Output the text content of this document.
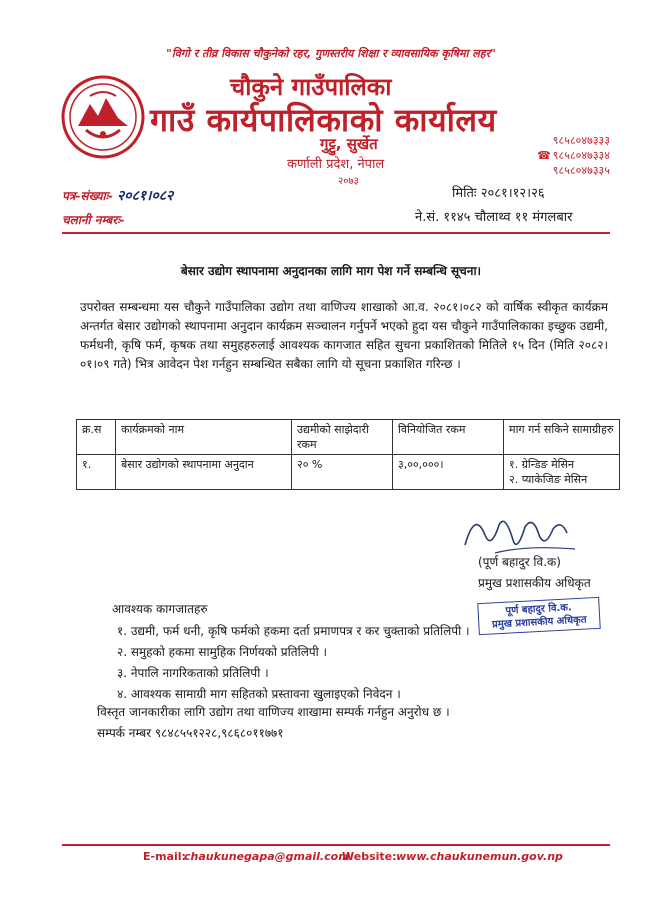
"विगो र तीव्र विकास चौकुनेको रहर, गुणस्तरीय शिक्षा र व्यावसायिक कृषिमा लहर"
चौकुने गाउँपालिका
गाउँ कार्यपालिकाको कार्यालय
गुट्टु, सुर्खेत
कर्णाली प्रदेश, नेपाल
२०७३
९८५८०४७३३३
☎ ९८५८०४७३३४
९८५८०४७३३५
पत्र-संख्याः- २०८१।०८२	मितिः २०८१।१२।२६
चलानी नम्बरः-	ने.सं. ११४५ चौलाथ्व ११ मंगलबार
बेसार उद्योग स्थापनामा अनुदानका लागि माग पेश गर्ने सम्बन्धि सूचना।
उपरोक्त सम्बन्धमा यस चौकुने गाउँपालिका उद्योग तथा वाणिज्य शाखाको आ.व. २०८१।०८२ को वार्षिक स्वीकृत कार्यक्रम अन्तर्गत बेसार उद्योगको स्थापनामा अनुदान कार्यक्रम सञ्चालन गर्नुपर्ने भएको हुदा यस चौकुने गाउँपालिकाका इच्छुक उद्यमी, फर्मधनी, कृषि फर्म, कृषक तथा समुहहरुलाई आवश्यक कागजात सहित सुचना प्रकाशितको मितिले १५ दिन (मिति २०८२।०१।०९ गते) भित्र आवेदन पेश गर्नहुन सम्बन्धित सबैका लागि यो सूचना प्रकाशित गरिन्छ ।
क्र.स	कार्यक्रमको नाम	उद्यमीको साझेदारी रकम	विनियोजित रकम	माग गर्न सकिने सामाग्रीहरु
१.	बेसार उद्योगको स्थापनामा अनुदान	२० %	३,००,०००।	१. ग्रेन्डिङ मेसिन
२. प्याकेजिङ मेसिन
(पूर्ण बहादुर वि.क)
प्रमुख प्रशासकीय अधिकृत
आवश्यक कागजातहरु
१. उद्यमी, फर्म धनी, कृषि फर्मको हकमा दर्ता प्रमाणपत्र र कर चुक्ताको प्रतिलिपी ।
२. समुहको हकमा सामुहिक निर्णयको प्रतिलिपी ।
३. नेपालि नागरिकताको प्रतिलिपी ।
४. आवश्यक सामाग्री माग सहितको प्रस्तावना खुलाइएको निवेदन ।
विस्तृत जानकारीका लागि उद्योग तथा वाणिज्य शाखामा सम्पर्क गर्नहुन अनुरोध छ ।
सम्पर्क नम्बर ९८४८५५१२२८,९८६८०११७७१
पूर्ण बहादुर वि.क.
प्रमुख प्रशासकीय अधिकृत
E-mail:
chaukunegapa@gmail.com
Website: www.chaukunemun.gov.np
